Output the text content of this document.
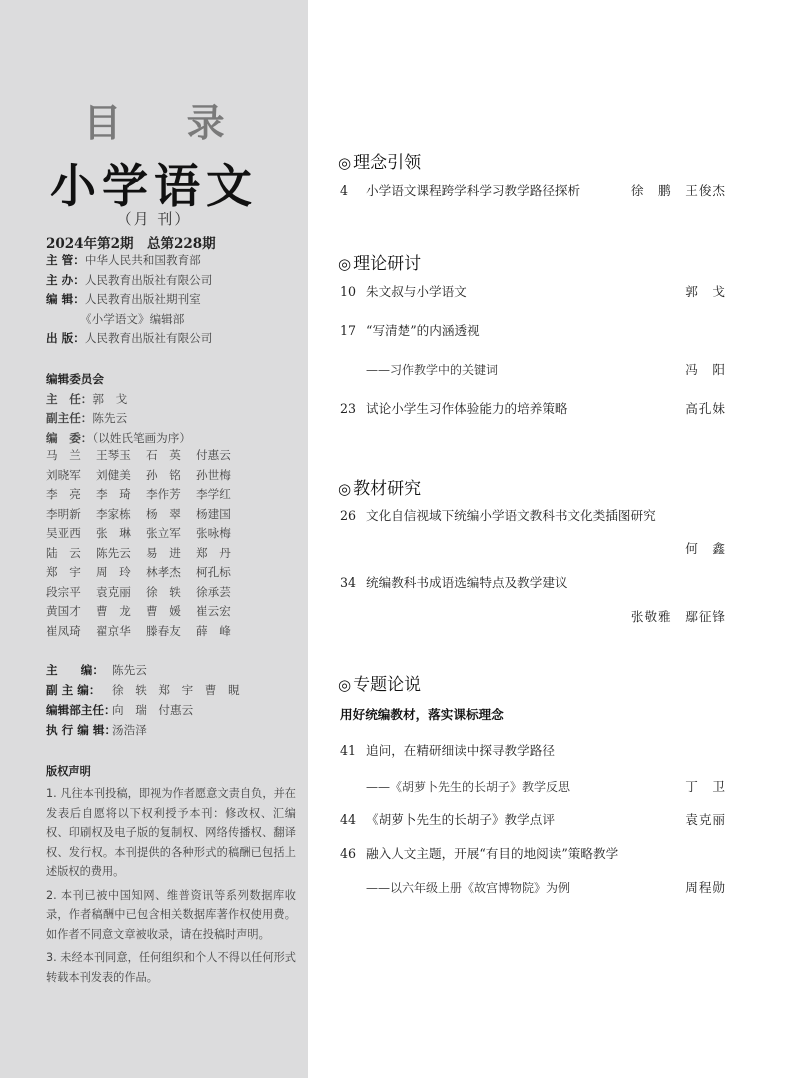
目 录
小学语文
（月 刊）
2024年第2期　总第228期
主 管：中华人民共和国教育部
主 办：人民教育出版社有限公司
编 辑：人民教育出版社期刊室
《小学语文》编辑部
出 版：人民教育出版社有限公司
编辑委员会
主　任：郭　戈
副主任：陈先云
编　委：（以姓氏笔画为序）
马　兰	王琴玉	石　英	付惠云
刘晓军	刘健美	孙　铭	孙世梅
李　亮	李　琦	李作芳	李学红
李明新	李家栋	杨　翠	杨建国
吴亚西	张　琳	张立军	张咏梅
陆　云	陈先云	易　进	郑　丹
郑　宇	周　玲	林孝杰	柯孔标
段宗平	袁克丽	徐　轶	徐承芸
黄国才	曹　龙	曹　媛	崔云宏
崔凤琦	翟京华	滕春友	薛　峰
主　　编： 陈先云
副 主 编： 徐　轶　郑　宇　曹　睍
编辑部主任：向　瑞　付惠云
执 行 编 辑：汤浩泽
版权声明

1. 凡往本刊投稿，即视为作者愿意文责自负，并在发表后自愿将以下权利授予本刊：修改权、汇编权、印刷权及电子版的复制权、网络传播权、翻译权、发行权。本刊提供的各种形式的稿酬已包括上述版权的费用。

2. 本刊已被中国知网、维普资讯等系列数据库收录，作者稿酬中已包含相关数据库著作权使用费。如作者不同意文章被收录，请在投稿时声明。

3. 未经本刊同意，任何组织和个人不得以任何形式转载本刊发表的作品。

◎ 理念引领
4 小学语文课程跨学科学习教学路径探析	徐　鹏　王俊杰
◎ 理论研讨
10 朱文叔与小学语文	郭　戈
17 “写清楚”的内涵透视
——习作教学中的关键词	冯　阳
23 试论小学生习作体验能力的培养策略	高孔妹
◎ 教材研究
26 文化自信视域下统编小学语文教科书文化类插图研究
何　鑫
34 统编教科书成语选编特点及教学建议
张敬雅　鄢征锋
◎ 专题论说
用好统编教材，落实课标理念
41 追问，在精研细读中探寻教学路径
——《胡萝卜先生的长胡子》教学反思	丁　卫
44 《胡萝卜先生的长胡子》教学点评	袁克丽
46 融入人文主题，开展“有目的地阅读”策略教学
——以六年级上册《故宫博物院》为例	周程勋
